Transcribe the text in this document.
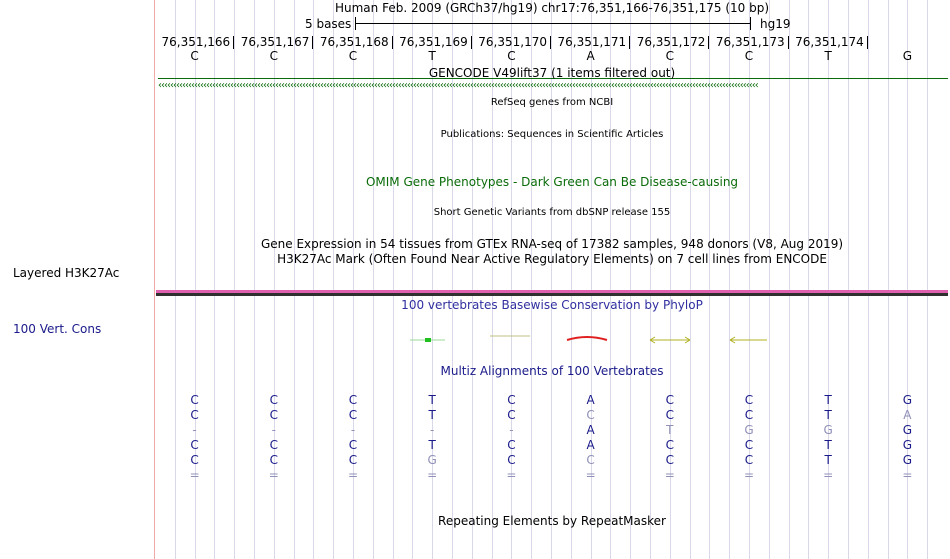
Layered H3K27Ac
100 Vert. Cons
Human Feb. 2009 (GRCh37/hg19) chr17:76,351,166-76,351,175 (10 bp)
5 bases	hg19
76,351,166 76,351,167 76,351,168 76,351,169 76,351,170 76,351,171 76,351,172 76,351,173 76,351,174
C	C	C	T	C	A	C	C	T	G
‹‹‹‹‹‹‹‹‹‹‹‹‹‹‹‹‹‹‹‹‹‹‹‹‹‹‹‹‹‹‹‹‹‹‹‹‹‹‹‹‹‹‹‹‹‹‹‹‹‹‹‹‹‹‹‹‹‹‹‹‹‹‹‹‹‹‹‹‹‹‹‹‹‹‹‹‹‹‹‹‹‹‹‹‹‹‹‹‹‹‹‹‹‹‹‹‹‹‹‹‹‹‹‹‹‹‹‹‹‹‹‹‹‹‹‹‹‹‹‹‹‹‹‹‹‹‹‹‹‹‹‹‹‹‹‹‹‹‹‹‹‹‹‹‹‹‹‹‹‹‹‹‹‹‹‹‹‹‹‹‹‹‹‹‹‹‹‹‹‹‹‹‹‹‹‹‹‹‹‹‹‹‹‹‹‹‹‹‹‹‹‹‹‹‹‹‹‹‹‹
GENCODE V49lift37 (1 items filtered out)
RefSeq genes from NCBI
Publications: Sequences in Scientific Articles
OMIM Gene Phenotypes - Dark Green Can Be Disease-causing
Short Genetic Variants from dbSNP release 155
Gene Expression in 54 tissues from GTEx RNA-seq of 17382 samples, 948 donors (V8, Aug 2019)
H3K27Ac Mark (Often Found Near Active Regulatory Elements) on 7 cell lines from ENCODE
100 vertebrates Basewise Conservation by PhyloP
Multiz Alignments of 100 Vertebrates
C	C	C	T	C	A	C	C	T	G
C	C	C	T	C	C	C	C	T	A
-	-	-	-	-	A	T	G	G	G
C	C	C	T	C	A	C	C	T	G
C	C	C	G	C	C	C	C	T	G
=	=	=	=	=	=	=	=	=	=
Repeating Elements by RepeatMasker
